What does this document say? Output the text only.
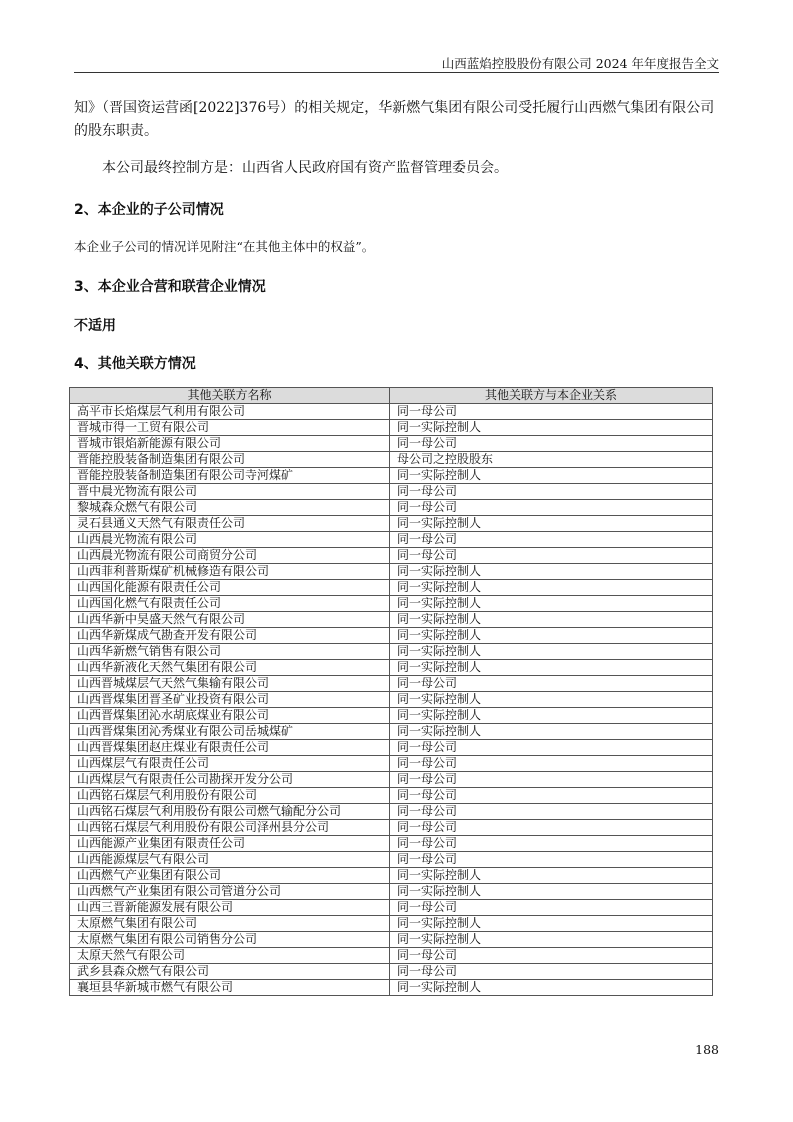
山西蓝焰控股股份有限公司 2024 年年度报告全文
知》（晋国资运营函[2022]376号）的相关规定，华新燃气集团有限公司受托履行山西燃气集团有限公司的股东职责。
本公司最终控制方是：山西省人民政府国有资产监督管理委员会。
2、本企业的子公司情况
本企业子公司的情况详见附注“在其他主体中的权益”。
3、本企业合营和联营企业情况
不适用
4、其他关联方情况
其他关联方名称	其他关联方与本企业关系
高平市长焰煤层气利用有限公司	同一母公司
晋城市得一工贸有限公司	同一实际控制人
晋城市银焰新能源有限公司	同一母公司
晋能控股装备制造集团有限公司	母公司之控股股东
晋能控股装备制造集团有限公司寺河煤矿	同一实际控制人
晋中晨光物流有限公司	同一母公司
黎城森众燃气有限公司	同一母公司
灵石县通义天然气有限责任公司	同一实际控制人
山西晨光物流有限公司	同一母公司
山西晨光物流有限公司商贸分公司	同一母公司
山西菲利普斯煤矿机械修造有限公司	同一实际控制人
山西国化能源有限责任公司	同一实际控制人
山西国化燃气有限责任公司	同一实际控制人
山西华新中昊盛天然气有限公司	同一实际控制人
山西华新煤成气勘查开发有限公司	同一实际控制人
山西华新燃气销售有限公司	同一实际控制人
山西华新液化天然气集团有限公司	同一实际控制人
山西晋城煤层气天然气集输有限公司	同一母公司
山西晋煤集团晋圣矿业投资有限公司	同一实际控制人
山西晋煤集团沁水胡底煤业有限公司	同一实际控制人
山西晋煤集团沁秀煤业有限公司岳城煤矿	同一实际控制人
山西晋煤集团赵庄煤业有限责任公司	同一母公司
山西煤层气有限责任公司	同一母公司
山西煤层气有限责任公司勘探开发分公司	同一母公司
山西铭石煤层气利用股份有限公司	同一母公司
山西铭石煤层气利用股份有限公司燃气输配分公司	同一母公司
山西铭石煤层气利用股份有限公司泽州县分公司	同一母公司
山西能源产业集团有限责任公司	同一母公司
山西能源煤层气有限公司	同一母公司
山西燃气产业集团有限公司	同一实际控制人
山西燃气产业集团有限公司管道分公司	同一实际控制人
山西三晋新能源发展有限公司	同一母公司
太原燃气集团有限公司	同一实际控制人
太原燃气集团有限公司销售分公司	同一实际控制人
太原天然气有限公司	同一母公司
武乡县森众燃气有限公司	同一母公司
襄垣县华新城市燃气有限公司	同一实际控制人
188
